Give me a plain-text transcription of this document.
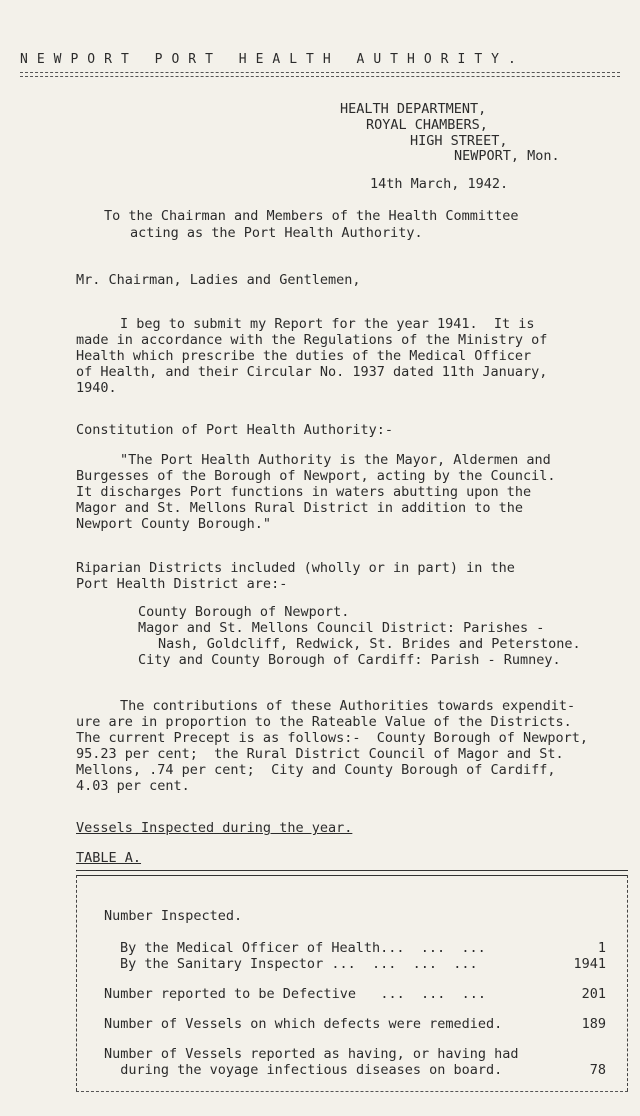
NEWPORT PORT HEALTH AUTHORITY.
HEALTH DEPARTMENT,
ROYAL CHAMBERS,
HIGH STREET,
NEWPORT, Mon.
14th March, 1942.
To the Chairman and Members of the Health Committee
acting as the Port Health Authority.
Mr. Chairman, Ladies and Gentlemen,
I beg to submit my Report for the year 1941.  It is
made in accordance with the Regulations of the Ministry of
Health which prescribe the duties of the Medical Officer
of Health, and their Circular No. 1937 dated 11th January,
1940.
Constitution of Port Health Authority:-
"The Port Health Authority is the Mayor, Aldermen and
Burgesses of the Borough of Newport, acting by the Council.
It discharges Port functions in waters abutting upon the
Magor and St. Mellons Rural District in addition to the
Newport County Borough."
Riparian Districts included (wholly or in part) in the
Port Health District are:-
County Borough of Newport.
Magor and St. Mellons Council District: Parishes -
Nash, Goldcliff, Redwick, St. Brides and Peterstone.
City and County Borough of Cardiff: Parish - Rumney.
The contributions of these Authorities towards expendit-
ure are in proportion to the Rateable Value of the Districts.
The current Precept is as follows:-  County Borough of Newport,
95.23 per cent;  the Rural District Council of Magor and St.
Mellons, .74 per cent;  City and County Borough of Cardiff,
4.03 per cent.
Vessels Inspected during the year.
TABLE A.
Number Inspected.
By the Medical Officer of Health...  ...  ...	1
By the Sanitary Inspector ...  ...  ...  ...	1941
Number reported to be Defective   ...  ...  ...	201
Number of Vessels on which defects were remedied.	189
Number of Vessels reported as having, or having had
during the voyage infectious diseases on board.	78
